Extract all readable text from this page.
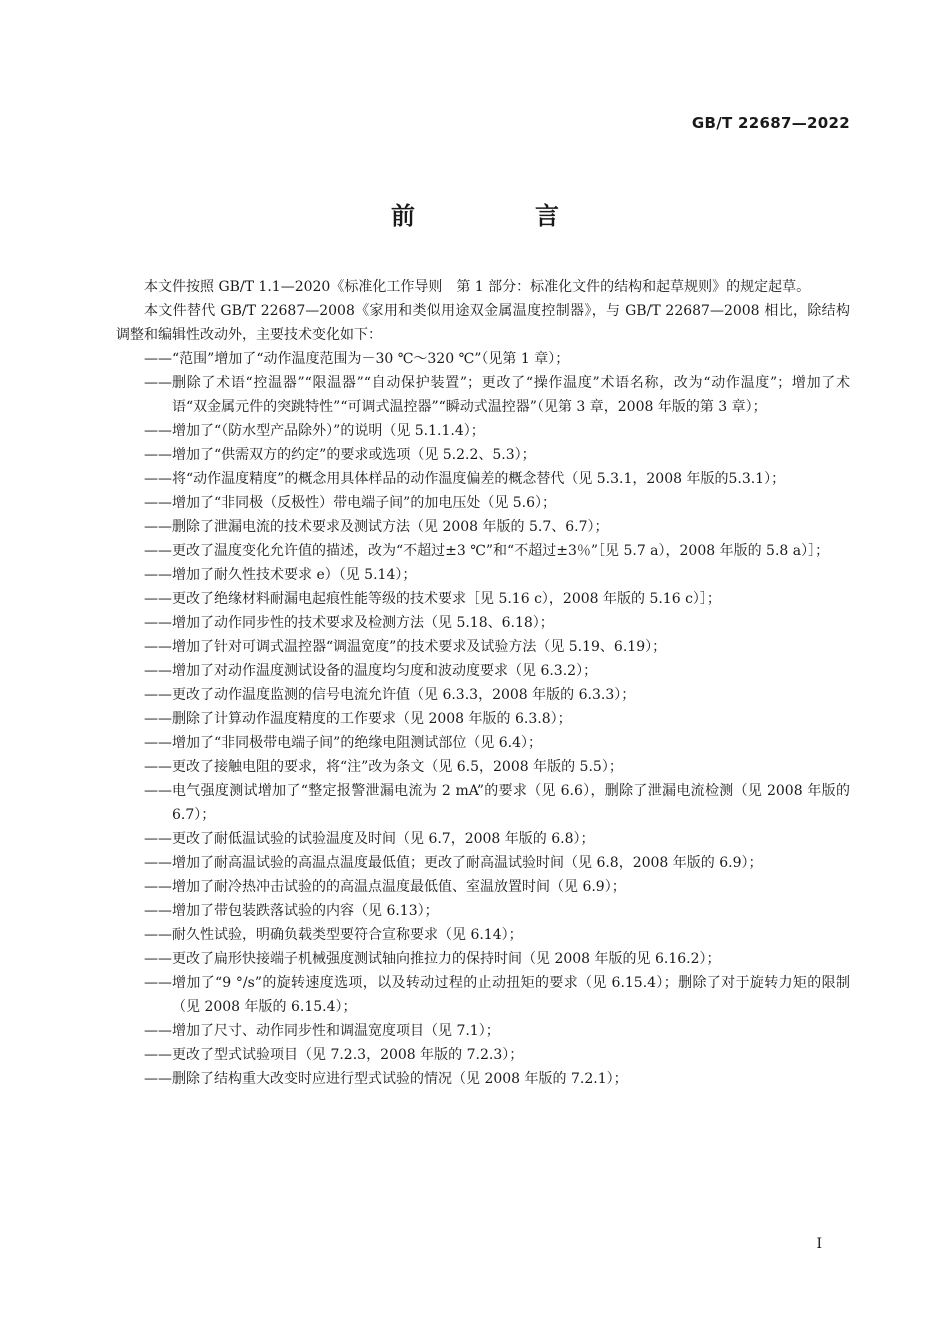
GB/T 22687—2022
前　言

本文件按照 GB/T 1.1—2020《标准化工作导则　第 1 部分：标准化文件的结构和起草规则》的规定起草。

本文件替代 GB/T 22687—2008《家用和类似用途双金属温度控制器》，与 GB/T 22687—2008 相比，除结构调整和编辑性改动外，主要技术变化如下：

—— “范围”增加了“动作温度范围为－30 ℃～320 ℃”（见第 1 章）；
—— 删除了术语“控温器”“限温器”“自动保护装置”；更改了“操作温度”术语名称，改为“动作温度”；增加了术语“双金属元件的突跳特性”“可调式温控器”“瞬动式温控器”（见第 3 章，2008 年版的第 3 章）；
—— 增加了“（防水型产品除外）”的说明（见 5.1.1.4）；
—— 增加了“供需双方的约定”的要求或选项（见 5.2.2、5.3）；
—— 将“动作温度精度”的概念用具体样品的动作温度偏差的概念替代（见 5.3.1，2008 年版的5.3.1）；
—— 增加了“非同极（反极性）带电端子间”的加电压处（见 5.6）；
—— 删除了泄漏电流的技术要求及测试方法（见 2008 年版的 5.7、6.7）；
—— 更改了温度变化允许值的描述，改为“不超过±3 ℃”和“不超过±3％”［见 5.7 a），2008 年版的 5.8 a）］；
—— 增加了耐久性技术要求 e）（见 5.14）；
—— 更改了绝缘材料耐漏电起痕性能等级的技术要求［见 5.16 c），2008 年版的 5.16 c）］；
—— 增加了动作同步性的技术要求及检测方法（见 5.18、6.18）；
—— 增加了针对可调式温控器“调温宽度”的技术要求及试验方法（见 5.19、6.19）；
—— 增加了对动作温度测试设备的温度均匀度和波动度要求（见 6.3.2）；
—— 更改了动作温度监测的信号电流允许值（见 6.3.3，2008 年版的 6.3.3）；
—— 删除了计算动作温度精度的工作要求（见 2008 年版的 6.3.8）；
—— 增加了“非同极带电端子间”的绝缘电阻测试部位（见 6.4）；
—— 更改了接触电阻的要求，将“注”改为条文（见 6.5，2008 年版的 5.5）；
—— 电气强度测试增加了“整定报警泄漏电流为 2 mA”的要求（见 6.6），删除了泄漏电流检测（见 2008 年版的 6.7）；
—— 更改了耐低温试验的试验温度及时间（见 6.7，2008 年版的 6.8）；
—— 增加了耐高温试验的高温点温度最低值；更改了耐高温试验时间（见 6.8，2008 年版的 6.9）；
—— 增加了耐冷热冲击试验的的高温点温度最低值、室温放置时间（见 6.9）；
—— 增加了带包装跌落试验的内容（见 6.13）；
—— 耐久性试验，明确负载类型要符合宣称要求（见 6.14）；
—— 更改了扁形快接端子机械强度测试轴向推拉力的保持时间（见 2008 年版的见 6.16.2）；
—— 增加了“9 °/s”的旋转速度选项，以及转动过程的止动扭矩的要求（见 6.15.4）；删除了对于旋转力矩的限制（见 2008 年版的 6.15.4）；
—— 增加了尺寸、动作同步性和调温宽度项目（见 7.1）；
—— 更改了型式试验项目（见 7.2.3，2008 年版的 7.2.3）；
—— 删除了结构重大改变时应进行型式试验的情况（见 2008 年版的 7.2.1）；
I
